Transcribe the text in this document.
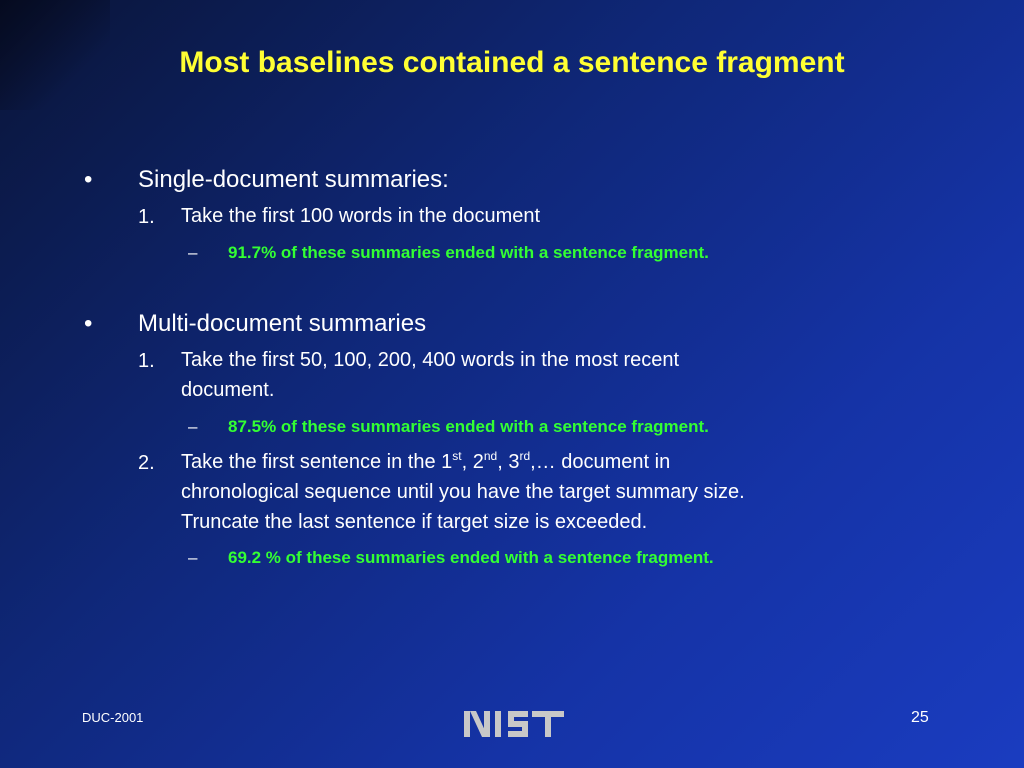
Most baselines contained a sentence fragment
• Single-document summaries:
1. Take the first 100 words in the document
– 91.7% of these summaries ended with a sentence fragment.
• Multi-document summaries
1. Take the first 50, 100, 200, 400 words in the most recent
document.
– 87.5% of these summaries ended with a sentence fragment.
2. Take the first sentence in the 1st, 2nd, 3rd,… document in
chronological sequence until you have the target summary size.
Truncate the last sentence if target size is exceeded.
– 69.2 % of these summaries ended with a sentence fragment.
DUC-2001	25
